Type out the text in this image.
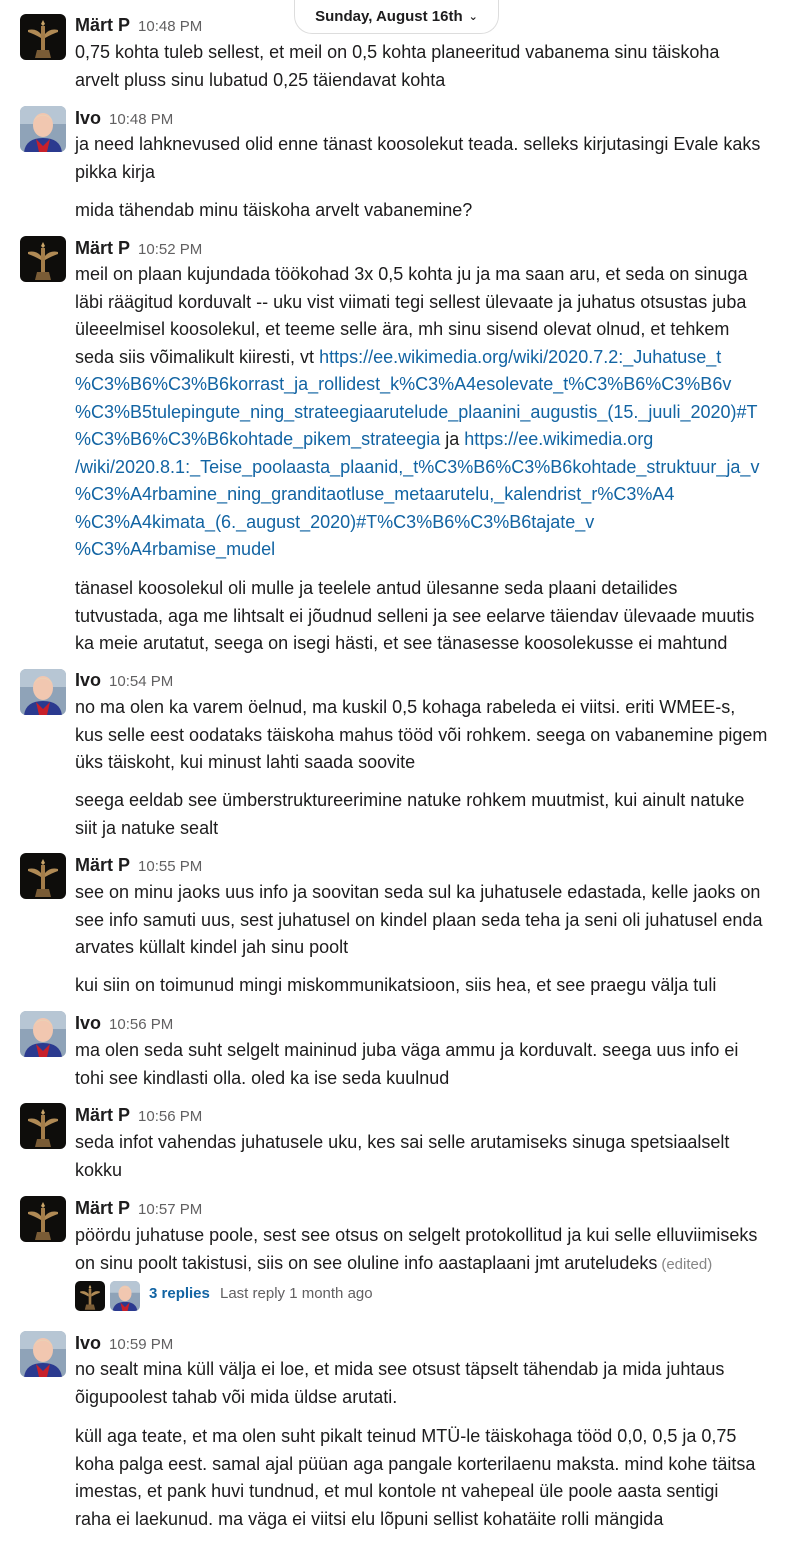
Märt P 10:48 PM
0,75 kohta tuleb sellest, et meil on 0,5 kohta planeeritud vabanema sinu täiskoha
arvelt pluss sinu lubatud 0,25 täiendavat kohta
Ivo 10:48 PM
ja need lahknevused olid enne tänast koosolekut teada. selleks kirjutasingi Evale kaks
pikka kirja
mida tähendab minu täiskoha arvelt vabanemine?
Märt P 10:52 PM
meil on plaan kujundada töökohad 3x 0,5 kohta ju ja ma saan aru, et seda on sinuga
läbi räägitud korduvalt -- uku vist viimati tegi sellest ülevaate ja juhatus otsustas juba
üleeelmisel koosolekul, et teeme selle ära, mh sinu sisend olevat olnud, et tehkem
seda siis võimalikult kiiresti, vt https://ee.wikimedia.org/wiki/2020.7.2:_Juhatuse_t
%C3%B6%C3%B6korrast_ja_rollidest_k%C3%A4esolevate_t%C3%B6%C3%B6v
%C3%B5tulepingute_ning_strateegiaarutelude_plaanini_augustis_(15._juuli_2020)#T
%C3%B6%C3%B6kohtade_pikem_strateegia ja https://ee.wikimedia.org
/wiki/2020.8.1:_Teise_poolaasta_plaanid,_t%C3%B6%C3%B6kohtade_struktuur_ja_v
%C3%A4rbamine_ning_granditaotluse_metaarutelu,_kalendrist_r%C3%A4
%C3%A4kimata_(6._august_2020)#T%C3%B6%C3%B6tajate_v
%C3%A4rbamise_mudel
tänasel koosolekul oli mulle ja teelele antud ülesanne seda plaani detailides
tutvustada, aga me lihtsalt ei jõudnud selleni ja see eelarve täiendav ülevaade muutis
ka meie arutatut, seega on isegi hästi, et see tänasesse koosolekusse ei mahtund
Ivo 10:54 PM
no ma olen ka varem öelnud, ma kuskil 0,5 kohaga rabeleda ei viitsi. eriti WMEE-s,
kus selle eest oodataks täiskoha mahus tööd või rohkem. seega on vabanemine pigem
üks täiskoht, kui minust lahti saada soovite
seega eeldab see ümberstruktureerimine natuke rohkem muutmist, kui ainult natuke
siit ja natuke sealt
Märt P 10:55 PM
see on minu jaoks uus info ja soovitan seda sul ka juhatusele edastada, kelle jaoks on
see info samuti uus, sest juhatusel on kindel plaan seda teha ja seni oli juhatusel enda
arvates küllalt kindel jah sinu poolt
kui siin on toimunud mingi miskommunikatsioon, siis hea, et see praegu välja tuli
Ivo 10:56 PM
ma olen seda suht selgelt maininud juba väga ammu ja korduvalt. seega uus info ei
tohi see kindlasti olla. oled ka ise seda kuulnud
Märt P 10:56 PM
seda infot vahendas juhatusele uku, kes sai selle arutamiseks sinuga spetsiaalselt
kokku
Märt P 10:57 PM
pöördu juhatuse poole, sest see otsus on selgelt protokollitud ja kui selle elluviimiseks
on sinu poolt takistusi, siis on see oluline info aastaplaani jmt aruteludeks (edited)
3 replies Last reply 1 month ago
Ivo 10:59 PM
no sealt mina küll välja ei loe, et mida see otsust täpselt tähendab ja mida juhtaus
õigupoolest tahab või mida üldse arutati.
küll aga teate, et ma olen suht pikalt teinud MTÜ-le täiskohaga tööd 0,0, 0,5 ja 0,75
koha palga eest. samal ajal püüan aga pangale korterilaenu maksta. mind kohe täitsa
imestas, et pank huvi tundnud, et mul kontole nt vahepeal üle poole aasta sentigi
raha ei laekunud. ma väga ei viitsi elu lõpuni sellist kohatäite rolli mängida
Sunday, August 16th ⌄
